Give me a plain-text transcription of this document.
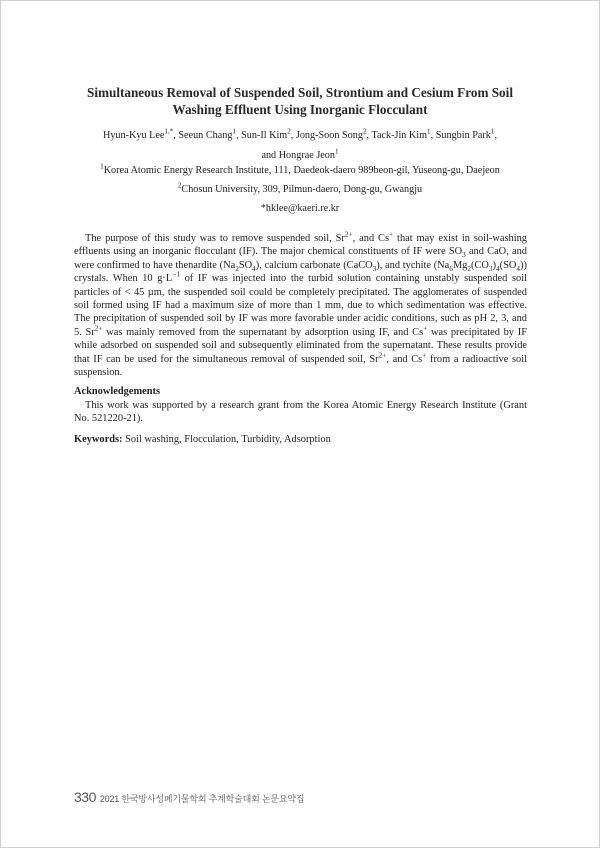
Simultaneous Removal of Suspended Soil, Strontium and Cesium From Soil
Washing Effluent Using Inorganic Flocculant
Hyun-Kyu Lee$^{1,*}$, Seeun Chang$^1$, Sun-Il Kim$^2$, Jong-Soon Song$^2$, Tack-Jin Kim$^1$, Sungbin Park$^1$,
and Hongrae Jeon$^1$
$^1$Korea Atomic Energy Research Institute, 111, Daedeok-daero 989beon-gil, Yuseong-gu, Daejeon
$^2$Chosun University, 309, Pilmun-daero, Dong-gu, Gwangju
*hklee@kaeri.re.kr

The purpose of this study was to remove suspended soil, $Sr^{2+}$, and Cs+ that may exist in soil-washing effluents using an inorganic flocculant (IF). The major chemical constituents of IF were $SO_3$ and CaO, and were confirmed to have thenardite $(Na_2SO_4)$, calcium carbonate (CaCO$_3$), and tychite $(Na_6Mg_2(CO_3)_4(SO_4))$ crystals. When 10 $g\cdot L^{-1}$ of IF was injected into the turbid solution containing unstably suspended soil particles of < 45 µm, the suspended soil could be completely precipitated. The agglomerates of suspended soil formed using IF had a maximum size of more than 1 mm, due to which sedimentation was effective. The precipitation of suspended soil by IF was more favorable under acidic conditions, such as pH 2, 3, and 5. $Sr^{2+}$ was mainly removed from the supernatant by adsorption using IF, and Cs+ was precipitated by IF while adsorbed on suspended soil and subsequently eliminated from the supernatant. These results provide that IF can be used for the simultaneous removal of suspended soil, $Sr^{2+}$, and Cs+ from a radioactive soil suspension.

Acknowledgements

This work was supported by a research grant from the Korea Atomic Energy Research Institute (Grant No. 521220-21).

Keywords: Soil washing, Flocculation, Turbidity, Adsorption
330 2021 한국방사성폐기물학회 추계학술대회 논문요약집
